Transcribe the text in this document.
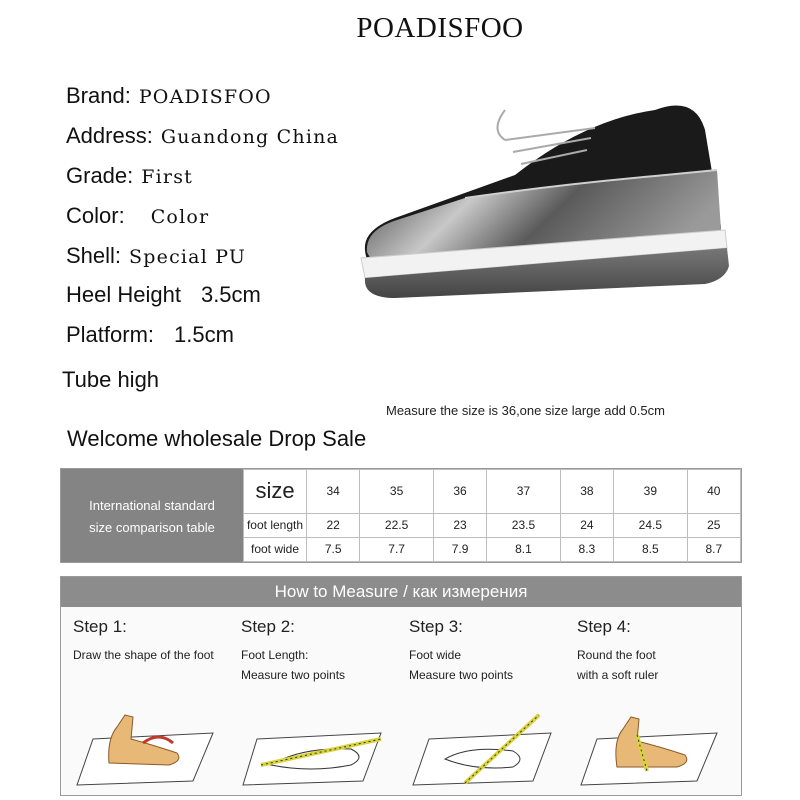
POADISFOO
Brand: POADISFOO
Address: Guandong China
Grade: First
Color: Color
Shell: Special PU
Heel Height 3.5cm
Platform: 1.5cm
Tube high
Measure the size is 36,one size large add 0.5cm
Welcome wholesale Drop Sale
International standard
size comparison table
size	34	35	36	37	38	39	40
foot length	22	22.5	23	23.5	24	24.5	25
foot wide	7.5	7.7	7.9	8.1	8.3	8.5	8.7
How to Measure / как измерения
Step 1:
Draw the shape of the foot
Step 2:
Foot Length:
Measure two points
Step 3:
Foot wide
Measure two points
Step 4:
Round the foot
with a soft ruler
